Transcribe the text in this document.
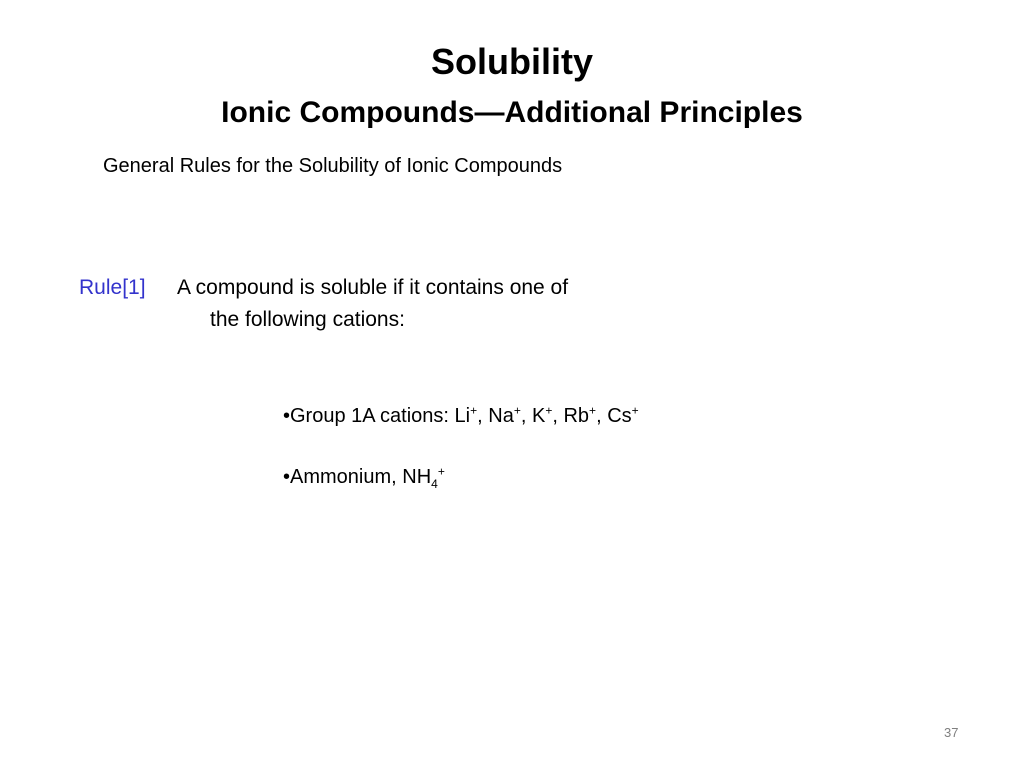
Solubility
Ionic Compounds—Additional Principles
General Rules for the Solubility of Ionic Compounds
Rule[1] A compound is soluble if it contains one of
the following cations:
•Group 1A cations: Li+, Na+, K+, Rb+, Cs+
•Ammonium, $NH_4^+$
37
